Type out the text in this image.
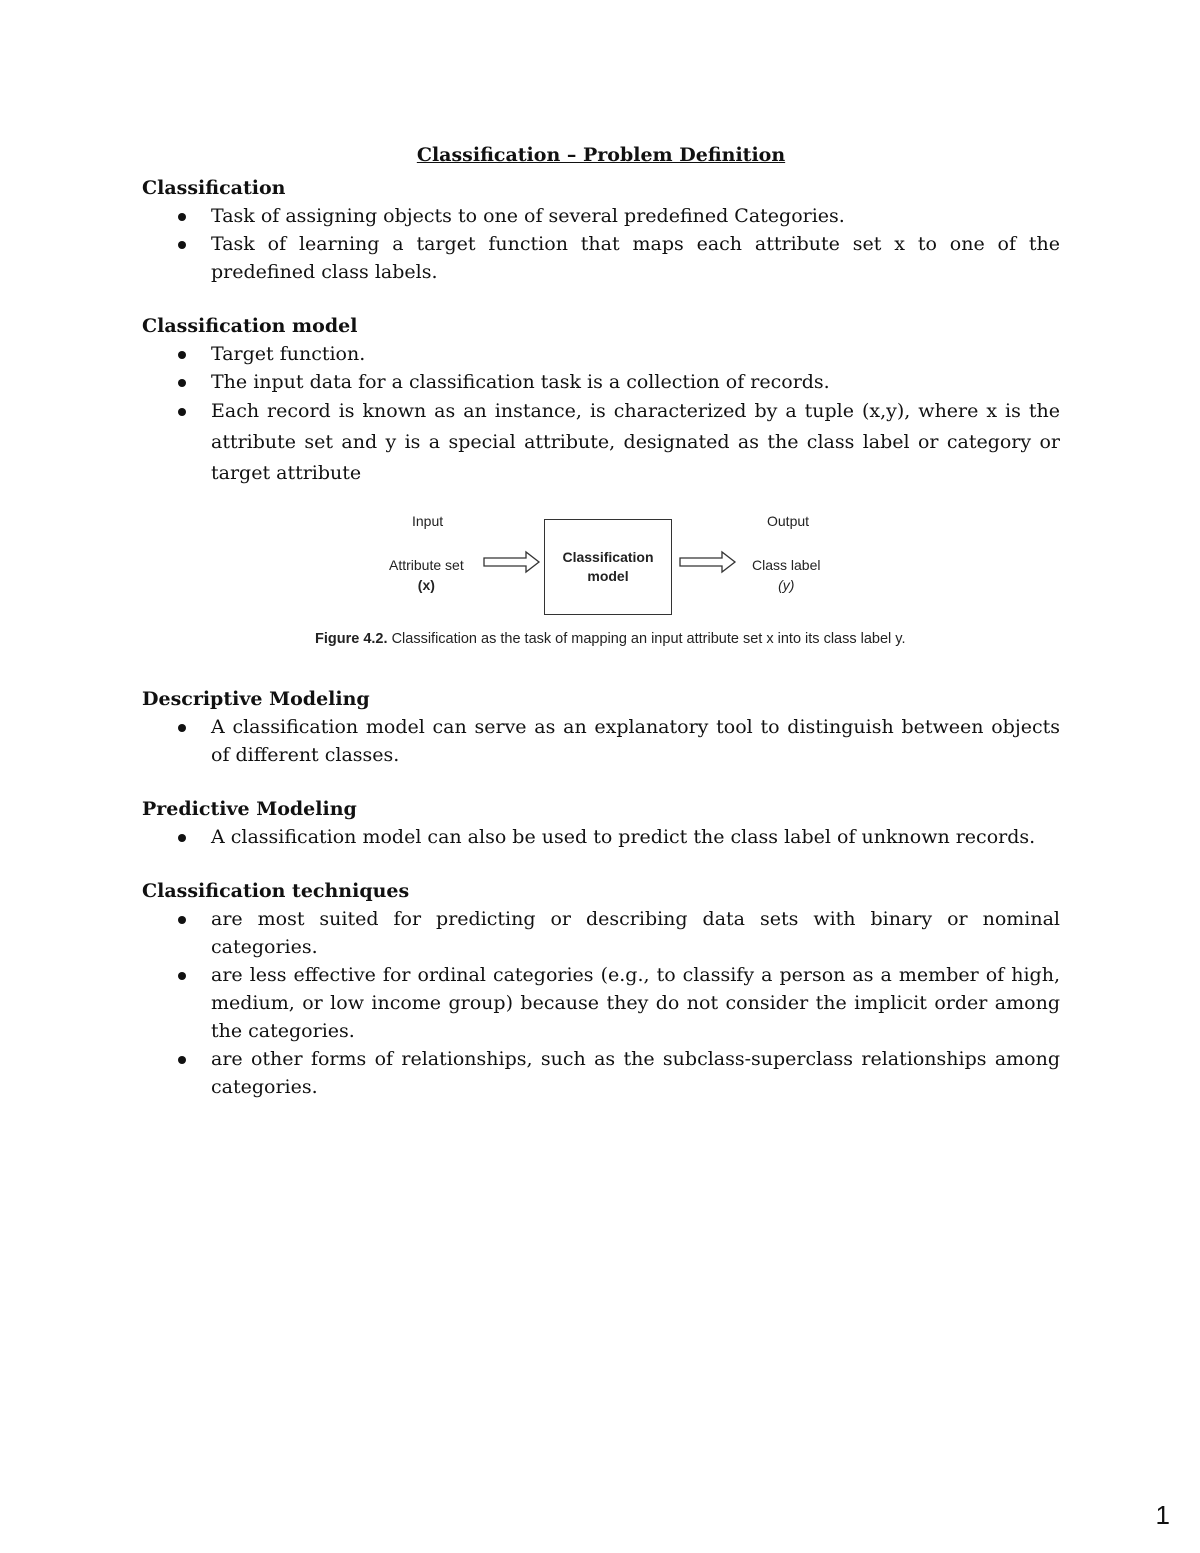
Classification – Problem Definition
Classification
Task of assigning objects to one of several predefined Categories.
Task of learning a target function that maps each attribute set x to one of the predefined class labels.
Classification model
Target function.
The input data for a classification task is a collection of records.
Each record is known as an instance, is characterized by a tuple (x,y), where x is the attribute set and y is a special attribute, designated as the class label or category or target attribute
Input
Attribute set
(x)
Classification
model
Output
Class label
(y)
Figure 4.2. Classification as the task of mapping an input attribute set x into its class label y.
Descriptive Modeling
A classification model can serve as an explanatory tool to distinguish between objects of different classes.
Predictive Modeling
A classification model can also be used to predict the class label of unknown records.
Classification techniques
are most suited for predicting or describing data sets with binary or nominal categories.
are less effective for ordinal categories (e.g., to classify a person as a member of high, medium, or low income group) because they do not consider the implicit order among the categories.
are other forms of relationships, such as the subclass-superclass relationships among categories.
1
